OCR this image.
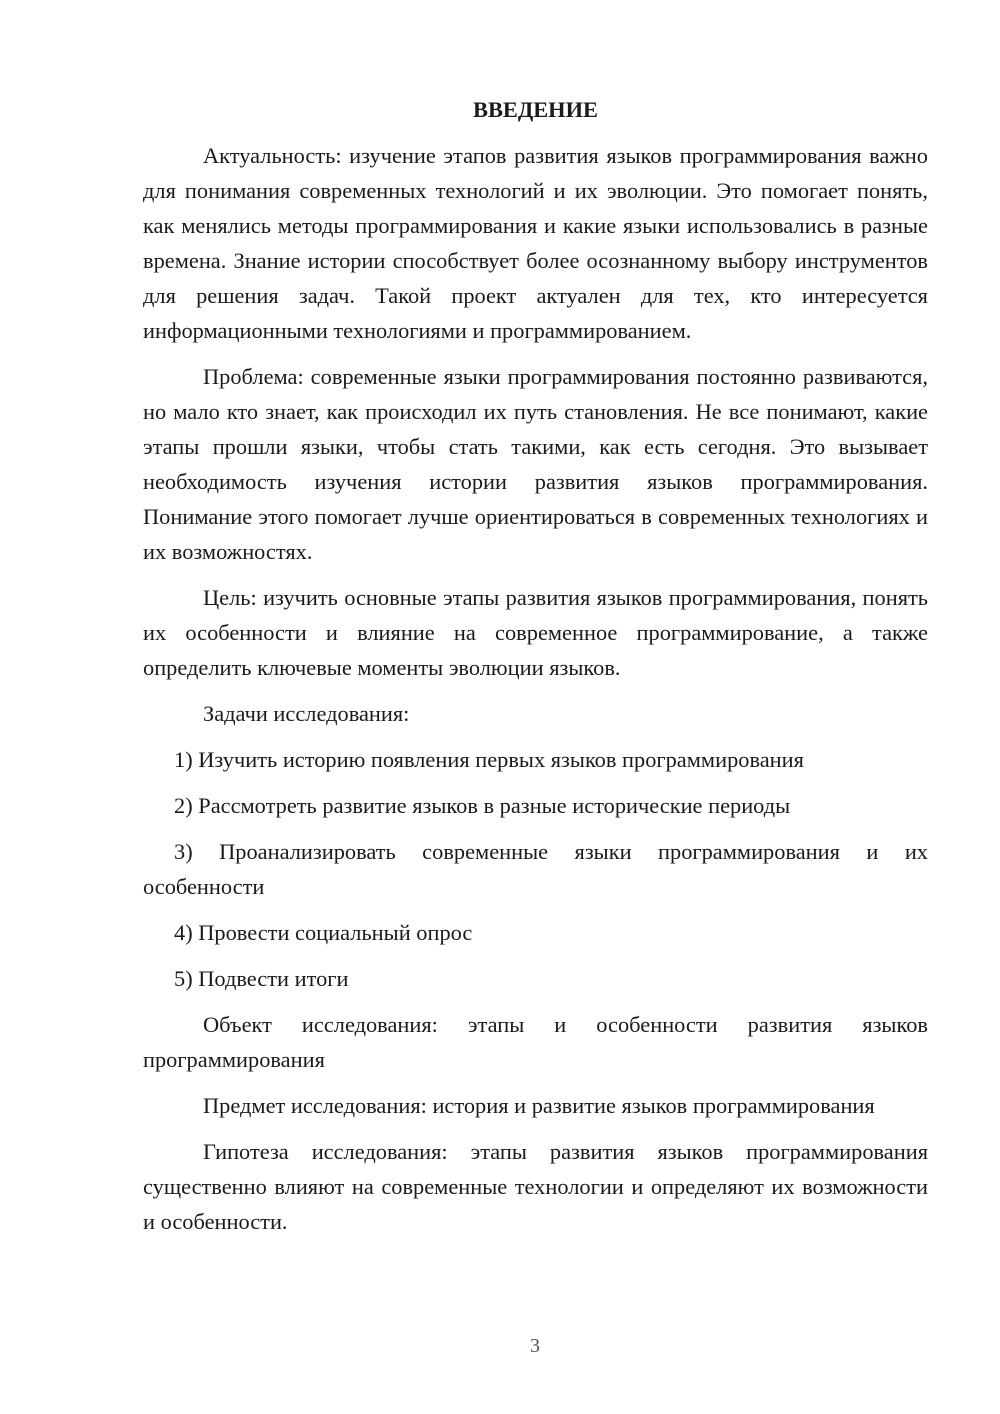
ВВЕДЕНИЕ
Актуальность: изучение этапов развития языков программирования важно для понимания современных технологий и их эволюции. Это помогает понять, как менялись методы программирования и какие языки использовались в разные времена. Знание истории способствует более осознанному выбору инструментов для решения задач. Такой проект актуален для тех, кто интересуется информационными технологиями и программированием.
Проблема: современные языки программирования постоянно развиваются, но мало кто знает, как происходил их путь становления. Не все понимают, какие этапы прошли языки, чтобы стать такими, как есть сегодня. Это вызывает необходимость изучения истории развития языков программирования. Понимание этого помогает лучше ориентироваться в современных технологиях и их возможностях.
Цель: изучить основные этапы развития языков программирования, понять их особенности и влияние на современное программирование, а также определить ключевые моменты эволюции языков.
Задачи исследования:
1) Изучить историю появления первых языков программирования
2) Рассмотреть развитие языков в разные исторические периоды
3) Проанализировать современные языки программирования и их особенности
4) Провести социальный опрос
5) Подвести итоги
Объект исследования: этапы и особенности развития языков программирования
Предмет исследования: история и развитие языков программирования
Гипотеза исследования: этапы развития языков программирования существенно влияют на современные технологии и определяют их возможности и особенности.
3
